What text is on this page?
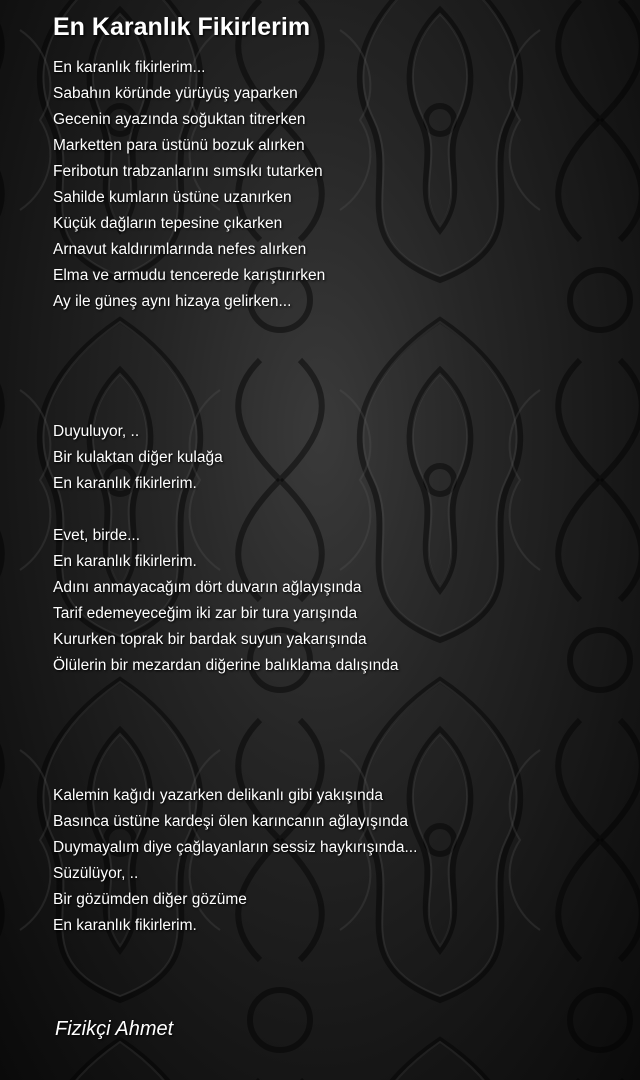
En Karanlık Fikirlerim
En karanlık fikirlerim...
Sabahın köründe yürüyüş yaparken
Gecenin ayazında soğuktan titrerken
Marketten para üstünü bozuk alırken
Feribotun trabzanlarını sımsıkı tutarken
Sahilde kumların üstüne uzanırken
Küçük dağların tepesine çıkarken
Arnavut kaldırımlarında nefes alırken
Elma ve armudu tencerede karıştırırken
Ay ile güneş aynı hizaya gelirken...
Duyuluyor, ..
Bir kulaktan diğer kulağa
En karanlık fikirlerim.
Evet, birde...
En karanlık fikirlerim.
Adını anmayacağım dört duvarın ağlayışında
Tarif edemeyeceğim iki zar bir tura yarışında
Kururken toprak bir bardak suyun yakarışında
Ölülerin bir mezardan diğerine balıklama dalışında
Kalemin kağıdı yazarken delikanlı gibi yakışında
Basınca üstüne kardeşi ölen karıncanın ağlayışında
Duymayalım diye çağlayanların sessiz haykırışında...
Süzülüyor, ..
Bir gözümden diğer gözüme
En karanlık fikirlerim.
Fizikçi Ahmet
